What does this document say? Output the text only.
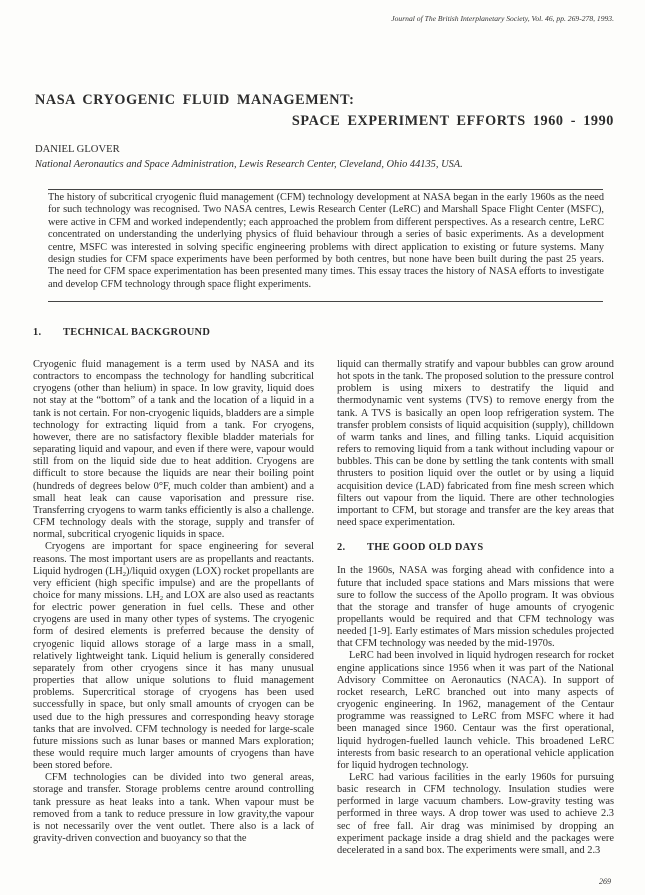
Journal of The British Interplanetary Society, Vol. 46, pp. 269-278, 1993.
NASA CRYOGENIC FLUID MANAGEMENT:
SPACE EXPERIMENT EFFORTS 1960 - 1990
DANIEL GLOVER
National Aeronautics and Space Administration, Lewis Research Center, Cleveland, Ohio 44135, USA.

The history of subcritical cryogenic fluid management (CFM) technology development at NASA began in the early 1960s as the need for such technology was recognised. Two NASA centres, Lewis Research Center (LeRC) and Marshall Space Flight Center (MSFC), were active in CFM and worked independently; each approached the problem from different perspectives. As a research centre, LeRC concentrated on understanding the underlying physics of fluid behaviour through a series of basic experiments. As a development centre, MSFC was interested in solving specific engineering problems with direct application to existing or future systems. Many design studies for CFM space experiments have been performed by both centres, but none have been built during the past 25 years. The need for CFM space experimentation has been presented many times. This essay traces the history of NASA efforts to investigate and develop CFM technology through space flight experiments.

1. TECHNICAL BACKGROUND

Cryogenic fluid management is a term used by NASA and its contractors to encompass the technology for handling subcritical cryogens (other than helium) in space. In low gravity, liquid does not stay at the “bottom” of a tank and the location of a liquid in a tank is not certain. For non-cryogenic liquids, bladders are a simple technology for extracting liquid from a tank. For cryogens, however, there are no satisfactory flexible bladder materials for separating liquid and vapour, and even if there were, vapour would still from on the liquid side due to heat addition. Cryogens are difficult to store because the liquids are near their boiling point (hundreds of degrees below 0°F, much colder than ambient) and a small heat leak can cause vaporisation and pressure rise. Transferring cryogens to warm tanks efficiently is also a challenge. CFM technology deals with the storage, supply and transfer of normal, subcritical cryogenic liquids in space.

Cryogens are important for space engineering for several reasons. The most important users are as propellants and reactants. Liquid hydrogen $(LH_2)$/liquid oxygen (LOX) rocket propellants are very efficient (high specific impulse) and are the propellants of choice for many missions. $LH_2$ and LOX are also used as reactants for electric power generation in fuel cells. These and other cryogens are used in many other types of systems. The cryogenic form of desired elements is preferred because the density of cryogenic liquid allows storage of a large mass in a small, relatively lightweight tank. Liquid helium is generally considered separately from other cryogens since it has many unusual properties that allow unique solutions to fluid management problems. Supercritical storage of cryogens has been used successfully in space, but only small amounts of cryogen can be used due to the high pressures and corresponding heavy storage tanks that are involved. CFM technology is needed for large-scale future missions such as lunar bases or manned Mars exploration; these would require much larger amounts of cryogens than have been stored before.

CFM technologies can be divided into two general areas, storage and transfer. Storage problems centre around controlling tank pressure as heat leaks into a tank. When vapour must be removed from a tank to reduce pressure in low gravity,the vapour is not necessarily over the vent outlet. There also is a lack of gravity-driven convection and buoyancy so that the

liquid can thermally stratify and vapour bubbles can grow around hot spots in the tank. The proposed solution to the pressure control problem is using mixers to destratify the liquid and thermodynamic vent systems (TVS) to remove energy from the tank. A TVS is basically an open loop refrigeration system. The transfer problem consists of liquid acquisition (supply), chilldown of warm tanks and lines, and filling tanks. Liquid acquisition refers to removing liquid from a tank without including vapour or bubbles. This can be done by settling the tank contents with small thrusters to position liquid over the outlet or by using a liquid acquisition device (LAD) fabricated from fine mesh screen which filters out vapour from the liquid. There are other technologies important to CFM, but storage and transfer are the key areas that need space experimentation.

2. THE GOOD OLD DAYS

In the 1960s, NASA was forging ahead with confidence into a future that included space stations and Mars missions that were sure to follow the success of the Apollo program. It was obvious that the storage and transfer of huge amounts of cryogenic propellants would be required and that CFM technology was needed [1-9]. Early estimates of Mars mission schedules projected that CFM technology was needed by the mid-1970s.

LeRC had been involved in liquid hydrogen research for rocket engine applications since 1956 when it was part of the National Advisory Committee on Aeronautics (NACA). In support of rocket research, LeRC branched out into many aspects of cryogenic engineering. In 1962, management of the Centaur programme was reassigned to LeRC from MSFC where it had been managed since 1960. Centaur was the first operational, liquid hydrogen-fuelled launch vehicle. This broadened LeRC interests from basic research to an operational vehicle application for liquid hydrogen technology.

LeRC had various facilities in the early 1960s for pursuing basic research in CFM technology. Insulation studies were performed in large vacuum chambers. Low-gravity testing was performed in three ways. A drop tower was used to achieve 2.3 sec of free fall. Air drag was minimised by dropping an experiment package inside a drag shield and the packages were decelerated in a sand box. The experiments were small, and 2.3

269
